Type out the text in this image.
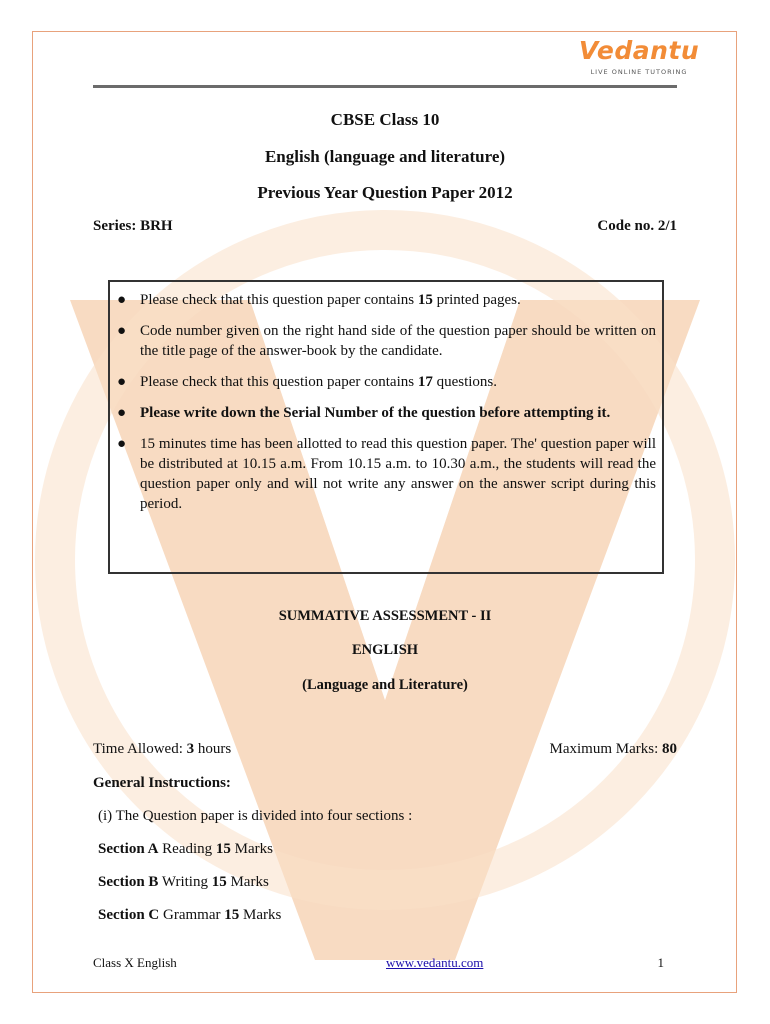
Vedantu
LIVE ONLINE TUTORING
CBSE Class 10
English (language and literature)
Previous Year Question Paper 2012
Series: BRH	Code no. 2/1
● Please check that this question paper contains 15 printed pages.
● Code number given on the right hand side of the question paper should be written on the title page of the answer-book by the candidate.
● Please check that this question paper contains 17 questions.
● Please write down the Serial Number of the question before attempting it.
● 15 minutes time has been allotted to read this question paper. The' question paper will be distributed at 10.15 a.m. From 10.15 a.m. to 10.30 a.m., the students will read the question paper only and will not write any answer on the answer script during this period.
SUMMATIVE ASSESSMENT - II
ENGLISH
(Language and Literature)
Time Allowed: 3 hours	Maximum Marks: 80
General Instructions:
(i) The Question paper is divided into four sections :
Section A Reading 15 Marks
Section B Writing 15 Marks
Section C Grammar 15 Marks
Class X English	www.vedantu.com	1
